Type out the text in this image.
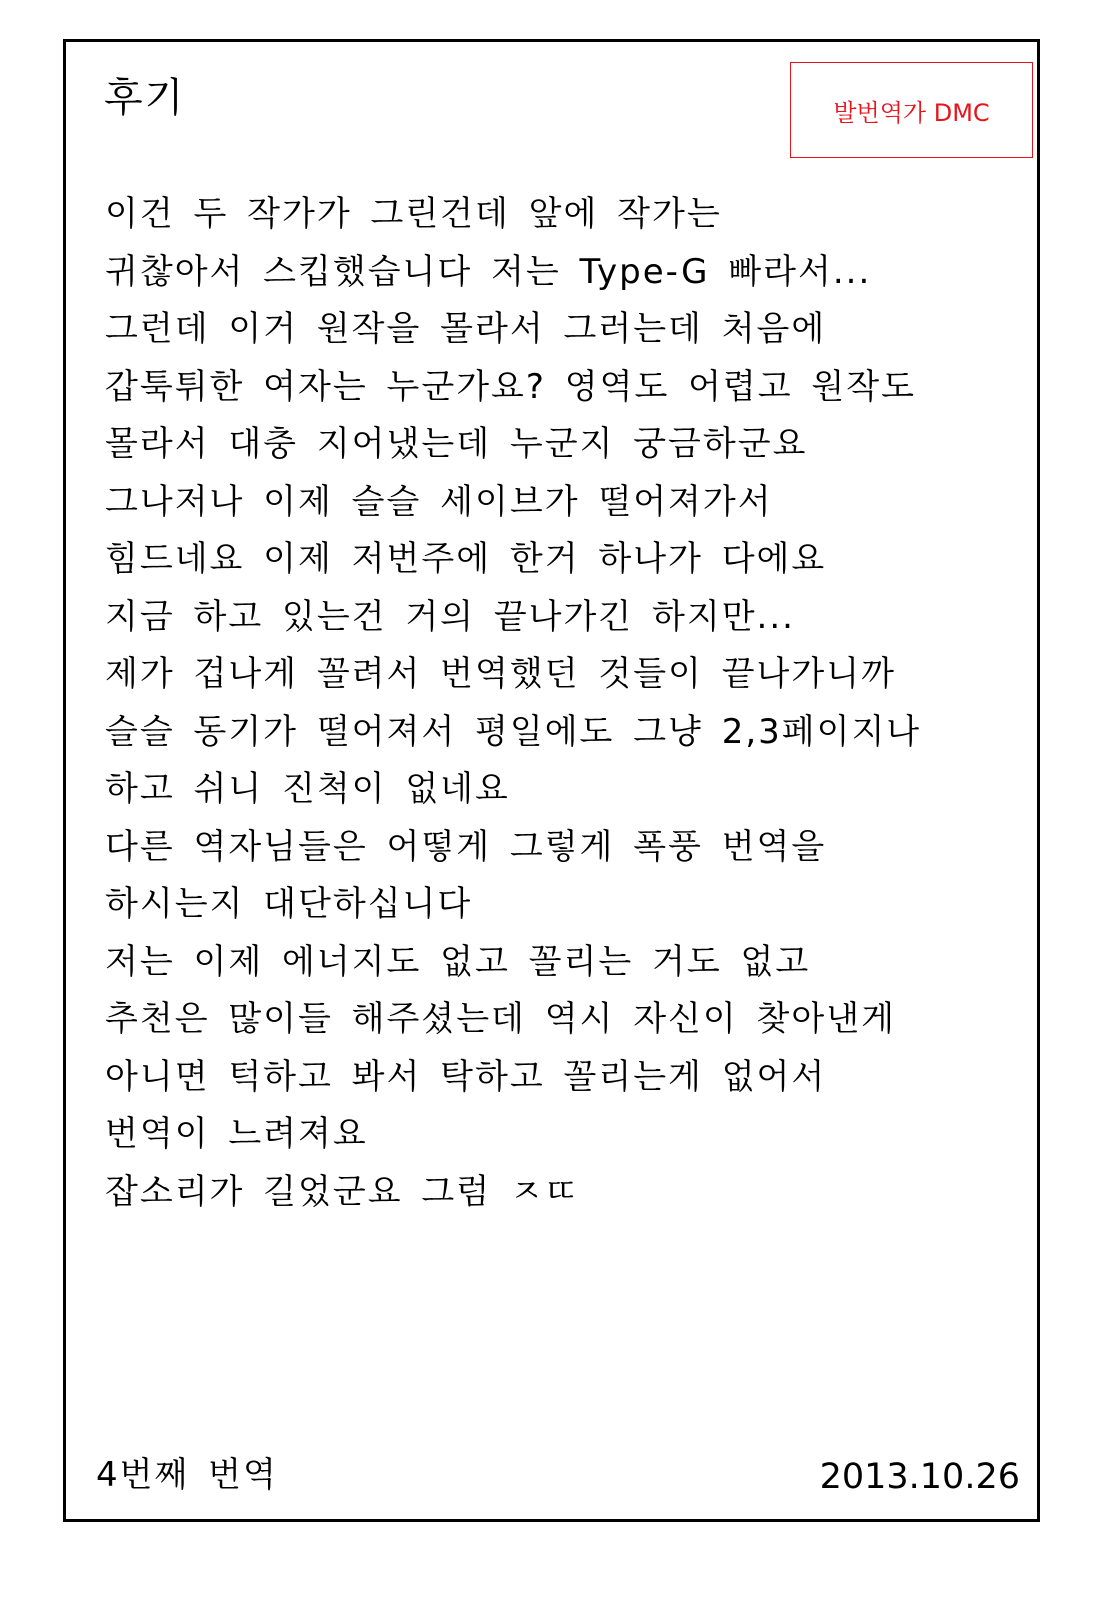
후기	발번역가 DMC
이건 두 작가가 그린건데 앞에 작가는
귀찮아서 스킵했습니다 저는 Type-G 빠라서...
그런데 이거 원작을 몰라서 그러는데 처음에
갑툭튀한 여자는 누군가요? 영역도 어렵고 원작도
몰라서 대충 지어냈는데 누군지 궁금하군요
그나저나 이제 슬슬 세이브가 떨어져가서
힘드네요 이제 저번주에 한거 하나가 다에요
지금 하고 있는건 거의 끝나가긴 하지만...
제가 겁나게 꼴려서 번역했던 것들이 끝나가니까
슬슬 동기가 떨어져서 평일에도 그냥 2,3페이지나
하고 쉬니 진척이 없네요
다른 역자님들은 어떻게 그렇게 폭풍 번역을
하시는지 대단하십니다
저는 이제 에너지도 없고 꼴리는 거도 없고
추천은 많이들 해주셨는데 역시 자신이 찾아낸게
아니면 턱하고 봐서 탁하고 꼴리는게 없어서
번역이 느려져요
잡소리가 길었군요 그럼 ㅈㄸ
4번째 번역	2013.10.26
